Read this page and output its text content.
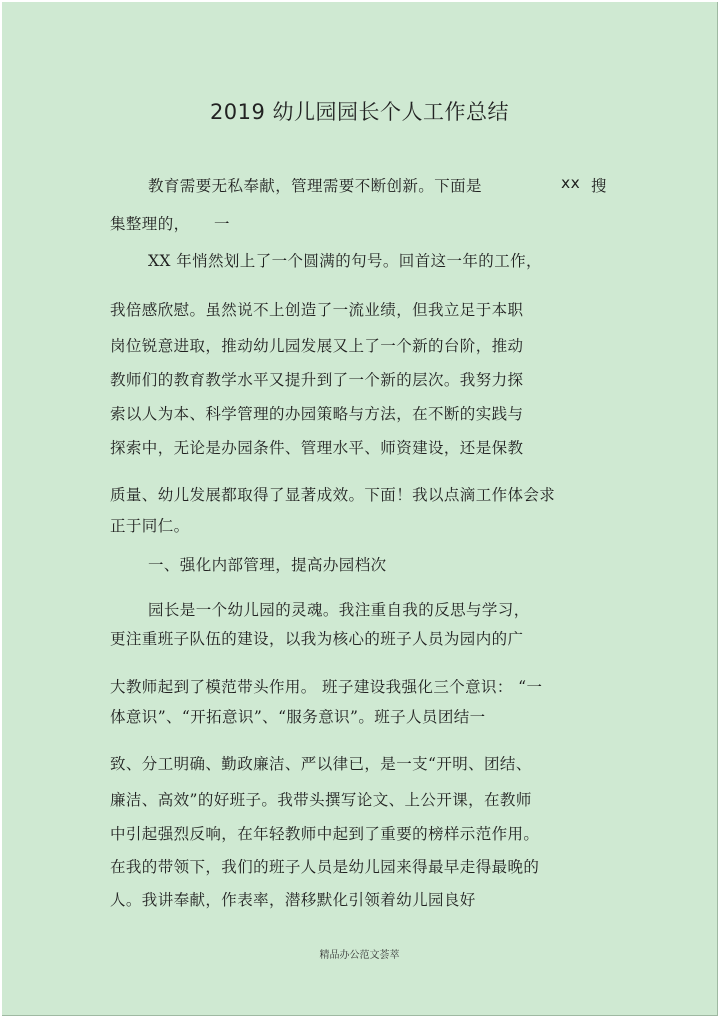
2019 幼儿园园长个人工作总结
教育需要无私奉献，管理需要不断创新。下面是	xx 搜
集整理的， 一
XX 年悄然划上了一个圆满的句号。回首这一年的工作，
我倍感欣慰。虽然说不上创造了一流业绩，但我立足于本职
岗位锐意进取，推动幼儿园发展又上了一个新的台阶，推动
教师们的教育教学水平又提升到了一个新的层次。我努力探
索以人为本、科学管理的办园策略与方法，在不断的实践与
探索中，无论是办园条件、管理水平、师资建设，还是保教
质量、幼儿发展都取得了显著成效。下面！我以点滴工作体会求
正于同仁。
一、强化内部管理，提高办园档次
园长是一个幼儿园的灵魂。我注重自我的反思与学习，
更注重班子队伍的建设，以我为核心的班子人员为园内的广
大教师起到了模范带头作用。 班子建设我强化三个意识： “一
体意识”、“开拓意识”、“服务意识”。班子人员团结一
致、分工明确、勤政廉洁、严以律已，是一支“开明、团结、
廉洁、高效”的好班子。我带头撰写论文、上公开课，在教师
中引起强烈反响，在年轻教师中起到了重要的榜样示范作用。
在我的带领下，我们的班子人员是幼儿园来得最早走得最晚的
人。我讲奉献，作表率，潜移默化引领着幼儿园良好
精品办公范文荟萃
